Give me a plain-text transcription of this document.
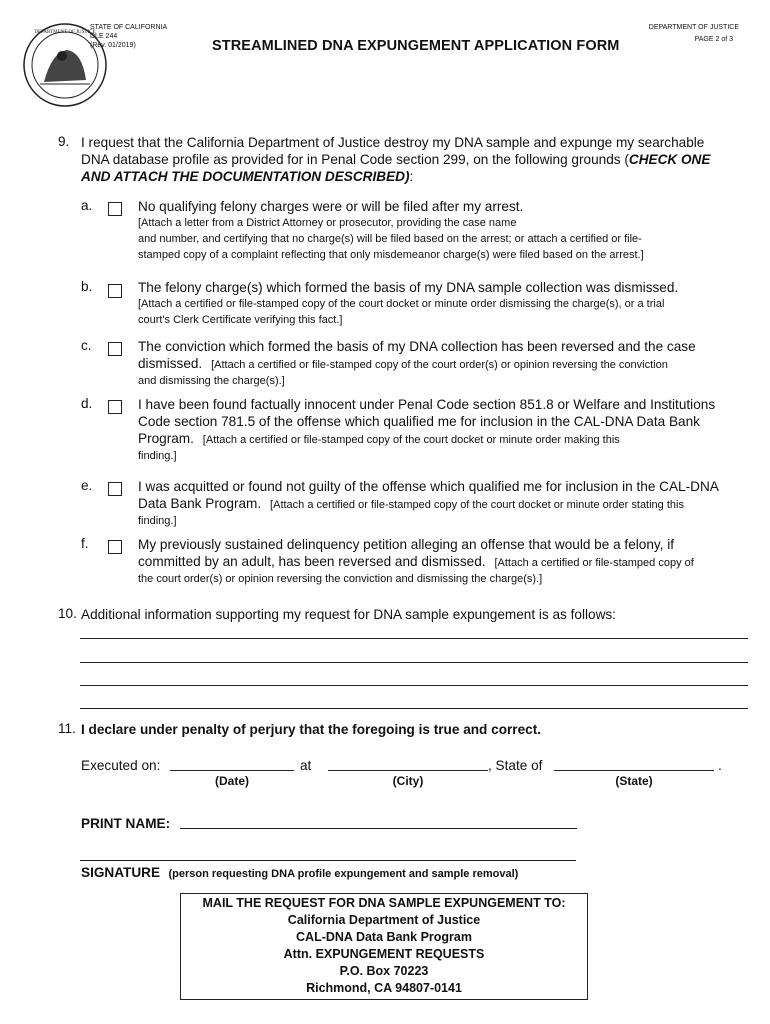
DEPARTMENT OF JUSTICE
STATE OF CALIFORNIA
DLE 244
(Rev. 01/2019)	STREAMLINED DNA EXPUNGEMENT APPLICATION FORM
DEPARTMENT OF JUSTICE
PAGE 2 of 3
9. I request that the California Department of Justice destroy my DNA sample and expunge my searchable
DNA database profile as provided for in Penal Code section 299, on the following grounds (CHECK ONE
AND ATTACH THE DOCUMENTATION DESCRIBED):
a.	No qualifying felony charges were or will be filed after my arrest.
[Attach a letter from a District Attorney or prosecutor, providing the case name
and number, and certifying that no charge(s) will be filed based on the arrest; or attach a certified or file-
stamped copy of a complaint reflecting that only misdemeanor charge(s) were filed based on the arrest.]
b.	The felony charge(s) which formed the basis of my DNA sample collection was dismissed.
[Attach a certified or file-stamped copy of the court docket or minute order dismissing the charge(s), or a trial
court's Clerk Certificate verifying this fact.]
c.	The conviction which formed the basis of my DNA collection has been reversed and the case
dismissed. [Attach a certified or file-stamped copy of the court order(s) or opinion reversing the conviction
and dismissing the charge(s).]
d.	I have been found factually innocent under Penal Code section 851.8 or Welfare and Institutions
Code section 781.5 of the offense which qualified me for inclusion in the CAL-DNA Data Bank
Program. [Attach a certified or file-stamped copy of the court docket or minute order making this
finding.]
e.	I was acquitted or found not guilty of the offense which qualified me for inclusion in the CAL-DNA
Data Bank Program. [Attach a certified or file-stamped copy of the court docket or minute order stating this
finding.]
f.	My previously sustained delinquency petition alleging an offense that would be a felony, if
committed by an adult, has been reversed and dismissed. [Attach a certified or file-stamped copy of
the court order(s) or opinion reversing the conviction and dismissing the charge(s).]
10. Additional information supporting my request for DNA sample expungement is as follows:
11. I declare under penalty of perjury that the foregoing is true and correct.
Executed on:	at	, State of	.
(Date)	(City)	(State)
PRINT NAME:
SIGNATURE (person requesting DNA profile expungement and sample removal)
MAIL THE REQUEST FOR DNA SAMPLE EXPUNGEMENT TO:
California Department of Justice
CAL-DNA Data Bank Program
Attn. EXPUNGEMENT REQUESTS
P.O. Box 70223
Richmond, CA 94807-0141
